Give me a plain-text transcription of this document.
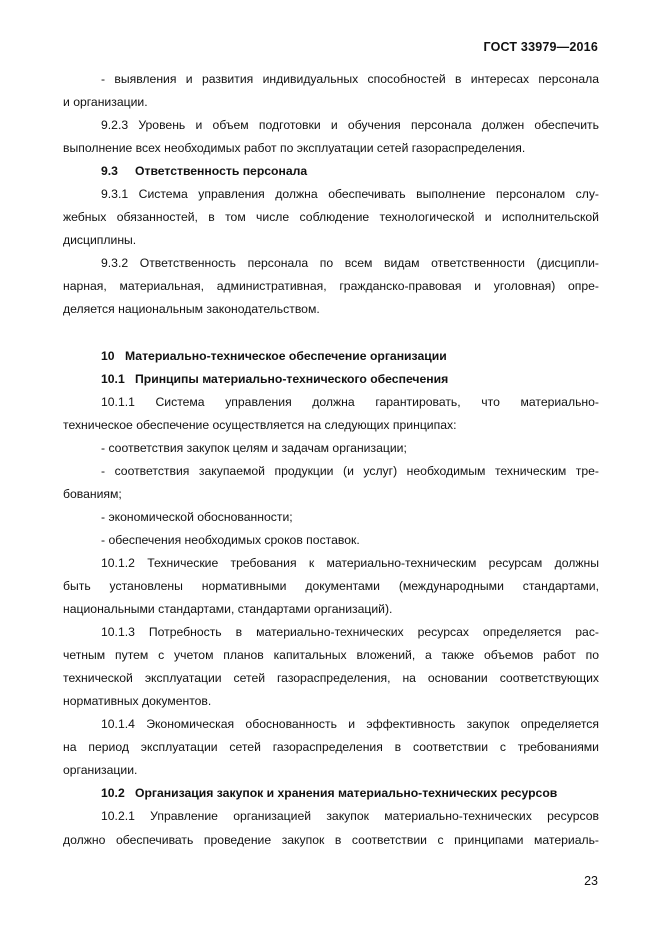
ГОСТ 33979—2016
- выявления и развития индивидуальных способностей в интересах персонала
и организации.
9.2.3 Уровень и объем подготовки и обучения персонала должен обеспечить
выполнение всех необходимых работ по эксплуатации сетей газораспределения.
9.3 Ответственность персонала
9.3.1 Система управления должна обеспечивать выполнение персоналом слу-
жебных обязанностей, в том числе соблюдение технологической и исполнительской
дисциплины.
9.3.2 Ответственность персонала по всем видам ответственности (дисципли-
нарная, материальная, административная, гражданско-правовая и уголовная) опре-
деляется национальным законодательством.
10 Материально-техническое обеспечение организации
10.1 Принципы материально-технического обеспечения
10.1.1 Система управления должна гарантировать, что материально-
техническое обеспечение осуществляется на следующих принципах:
- соответствия закупок целям и задачам организации;
- соответствия закупаемой продукции (и услуг) необходимым техническим тре-
бованиям;
- экономической обоснованности;
- обеспечения необходимых сроков поставок.
10.1.2 Технические требования к материально-техническим ресурсам должны
быть установлены нормативными документами (международными стандартами,
национальными стандартами, стандартами организаций).
10.1.3 Потребность в материально-технических ресурсах определяется рас-
четным путем с учетом планов капитальных вложений, а также объемов работ по
технической эксплуатации сетей газораспределения, на основании соответствующих
нормативных документов.
10.1.4 Экономическая обоснованность и эффективность закупок определяется
на период эксплуатации сетей газораспределения в соответствии с требованиями
организации.
10.2 Организация закупок и хранения материально-технических ресурсов
10.2.1 Управление организацией закупок материально-технических ресурсов
должно обеспечивать проведение закупок в соответствии с принципами материаль-
23
